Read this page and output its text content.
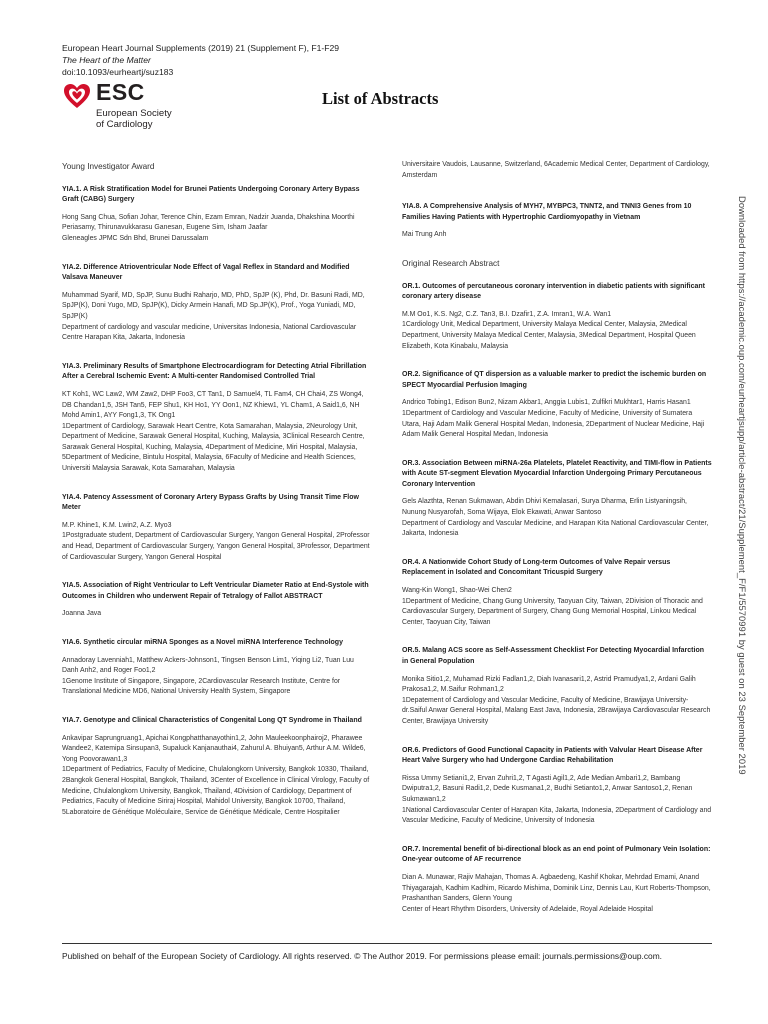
European Heart Journal Supplements (2019) 21 (Supplement F), F1-F29
The Heart of the Matter
doi:10.1093/eurheartj/suz183
ESC
European Society
of Cardiology
List of Abstracts
Young Investigator Award
YIA.1. A Risk Stratification Model for Brunei Patients Undergoing Coronary Artery Bypass Graft (CABG) Surgery
Hong Sang Chua, Sofian Johar, Terence Chin, Ezam Emran, Nadzir Juanda, Dhakshina Moorthi Periasamy, Thirunavukkarasu Ganesan, Eugene Sim, Isham Jaafar
Gleneagles JPMC Sdn Bhd, Brunei Darussalam
YIA.2. Difference Atrioventricular Node Effect of Vagal Reflex in Standard and Modified Valsava Maneuver
Muhammad Syarif, MD, SpJP, Sunu Budhi Raharjo, MD, PhD, SpJP (K), Phd, Dr. Basuni Radi, MD, SpJP(K), Doni Yugo, MD, SpJP(K), Dicky Armein Hanafi, MD Sp.JP(K), Prof., Yoga Yuniadi, MD, SpJP(K)
Department of cardiology and vascular medicine, Universitas Indonesia, National Cardiovascular Centre Harapan Kita, Jakarta, Indonesia
YIA.3. Preliminary Results of Smartphone Electrocardiogram for Detecting Atrial Fibrillation After a Cerebral Ischemic Event: A Multi-center Randomised Controlled Trial
KT Koh1, WC Law2, WM Zaw2, DHP Foo3, CT Tan1, D Samuel4, TL Fam4, CH Chai4, ZS Wong4, DB Chandan1,5, JSH Tan5, FEP Shu1, KH Ho1, YY Oon1, NZ Khiew1, YL Cham1, A Said1,6, NH Mohd Amin1, AYY Fong1,3, TK Ong1
1Department of Cardiology, Sarawak Heart Centre, Kota Samarahan, Malaysia, 2Neurology Unit, Department of Medicine, Sarawak General Hospital, Kuching, Malaysia, 3Clinical Research Centre, Sarawak General Hospital, Kuching, Malaysia, 4Department of Medicine, Miri Hospital, Malaysia, 5Department of Medicine, Bintulu Hospital, Malaysia, 6Faculty of Medicine and Health Sciences, Universiti Malaysia Sarawak, Kota Samarahan, Malaysia
YIA.4. Patency Assessment of Coronary Artery Bypass Grafts by Using Transit Time Flow Meter
M.P. Khine1, K.M. Lwin2, A.Z. Myo3
1Postgraduate student, Department of Cardiovascular Surgery, Yangon General Hospital, 2Professor and Head, Department of Cardiovascular Surgery, Yangon General Hospital, 3Professor, Department of Cardiovascular Surgery, Yangon General Hospital
YIA.5. Association of Right Ventricular to Left Ventricular Diameter Ratio at End-Systole with Outcomes in Children who underwent Repair of Tetralogy of Fallot ABSTRACT
Joanna Java
YIA.6. Synthetic circular miRNA Sponges as a Novel miRNA Interference Technology
Annadoray Lavenniah1, Matthew Ackers-Johnson1, Tingsen Benson Lim1, Yiqing Li2, Tuan Luu Danh Anh2, and Roger Foo1,2
1Genome Institute of Singapore, Singapore, 2Cardiovascular Research Institute, Centre for Translational Medicine MD6, National University Health System, Singapore
YIA.7. Genotype and Clinical Characteristics of Congenital Long QT Syndrome in Thailand
Ankavipar Saprungruang1, Apichai Kongphatthanayothin1,2, John Mauleekoonphairoj2, Pharawee Wandee2, Katemipa Sinsupan3, Supaluck Kanjanauthai4, Zahurul A. Bhuiyan5, Arthur A.M. Wilde6, Yong Poovorawan1,3
1Department of Pediatrics, Faculty of Medicine, Chulalongkorn University, Bangkok 10330, Thailand, 2Bangkok General Hospital, Bangkok, Thailand, 3Center of Excellence in Clinical Virology, Faculty of Medicine, Chulalongkorn University, Bangkok, Thailand, 4Division of Cardiology, Department of Pediatrics, Faculty of Medicine Siriraj Hospital, Mahidol University, Bangkok 10700, Thailand, 5Laboratoire de Génétique Moléculaire, Service de Génétique Médicale, Centre Hospitalier
Universitaire Vaudois, Lausanne, Switzerland, 6Academic Medical Center, Department of Cardiology, Amsterdam
YIA.8. A Comprehensive Analysis of MYH7, MYBPC3, TNNT2, and TNNI3 Genes from 10 Families Having Patients with Hypertrophic Cardiomyopathy in Vietnam
Mai Trung Anh
Original Research Abstract
OR.1. Outcomes of percutaneous coronary intervention in diabetic patients with significant coronary artery disease
M.M Oo1, K.S. Ng2, C.Z. Tan3, B.I. Dzafir1, Z.A. Imran1, W.A. Wan1
1Cardiology Unit, Medical Department, University Malaya Medical Center, Malaysia, 2Medical Department, University Malaya Medical Center, Malaysia, 3Medical Department, Hospital Queen Elizabeth, Kota Kinabalu, Malaysia
OR.2. Significance of QT dispersion as a valuable marker to predict the ischemic burden on SPECT Myocardial Perfusion Imaging
Andrico Tobing1, Edison Bun2, Nizam Akbar1, Anggia Lubis1, Zulfikri Mukhtar1, Harris Hasan1
1Department of Cardiology and Vascular Medicine, Faculty of Medicine, University of Sumatera Utara, Haji Adam Malik General Hospital Medan, Indonesia, 2Department of Nuclear Medicine, Haji Adam Malik General Hospital Medan, Indonesia
OR.3. Association Between miRNA-26a Platelets, Platelet Reactivity, and TIMI-flow in Patients with Acute ST-segment Elevation Myocardial Infarction Undergoing Primary Percutaneous Coronary Intervention
Gels Alazthta, Renan Sukmawan, Abdin Dhivi Kemalasari, Surya Dharma, Erlin Listyaningsih, Nunung Nusyarofah, Soma Wijaya, Elok Ekawati, Anwar Santoso
Department of Cardiology and Vascular Medicine, and Harapan Kita National Cardiovascular Center, Jakarta, Indonesia
OR.4. A Nationwide Cohort Study of Long-term Outcomes of Valve Repair versus Replacement in Isolated and Concomitant Tricuspid Surgery
Wang-Kin Wong1, Shao-Wei Chen2
1Department of Medicine, Chang Gung University, Taoyuan City, Taiwan, 2Division of Thoracic and Cardiovascular Surgery, Department of Surgery, Chang Gung Memorial Hospital, Linkou Medical Center, Taoyuan City, Taiwan
OR.5. Malang ACS score as Self-Assessment Checklist For Detecting Myocardial Infarction in General Population
Monika Sitio1,2, Muhamad Rizki Fadlan1,2, Diah Ivanasari1,2, Astrid Pramudya1,2, Ardani Galih Prakosa1,2, M.Saifur Rohman1,2
1Depatement of Cardiology and Vascular Medicine, Faculty of Medicine, Brawijaya University-dr.Saiful Anwar General Hospital, Malang East Java, Indonesia, 2Brawijaya Cardiovascular Research Center, Brawijaya University
OR.6. Predictors of Good Functional Capacity in Patients with Valvular Heart Disease After Heart Valve Surgery who had Undergone Cardiac Rehabilitation
Rissa Ummy Setiani1,2, Ervan Zuhri1,2, T Agasti Agil1,2, Ade Median Ambari1,2, Bambang Dwiputra1,2, Basuni Radi1,2, Dede Kusmana1,2, Budhi Setianto1,2, Anwar Santoso1,2, Renan Sukmawan1,2
1National Cardiovascular Center of Harapan Kita, Jakarta, Indonesia, 2Department of Cardiology and Vascular Medicine, Faculty of Medicine, University of Indonesia
OR.7. Incremental benefit of bi-directional block as an end point of Pulmonary Vein Isolation: One-year outcome of AF recurrence
Dian A. Munawar, Rajiv Mahajan, Thomas A. Agbaedeng, Kashif Khokar, Mehrdad Emami, Anand Thiyagarajah, Kadhim Kadhim, Ricardo Mishima, Dominik Linz, Dennis Lau, Kurt Roberts-Thompson, Prashanthan Sanders, Glenn Young
Center of Heart Rhythm Disorders, University of Adelaide, Royal Adelaide Hospital
Downloaded from https://academic.oup.com/eurheartjsupp/article-abstract/21/Supplement_F/F1/5570991 by guest on 23 September 2019
Published on behalf of the European Society of Cardiology. All rights reserved. © The Author 2019. For permissions please email: journals.permissions@oup.com.
